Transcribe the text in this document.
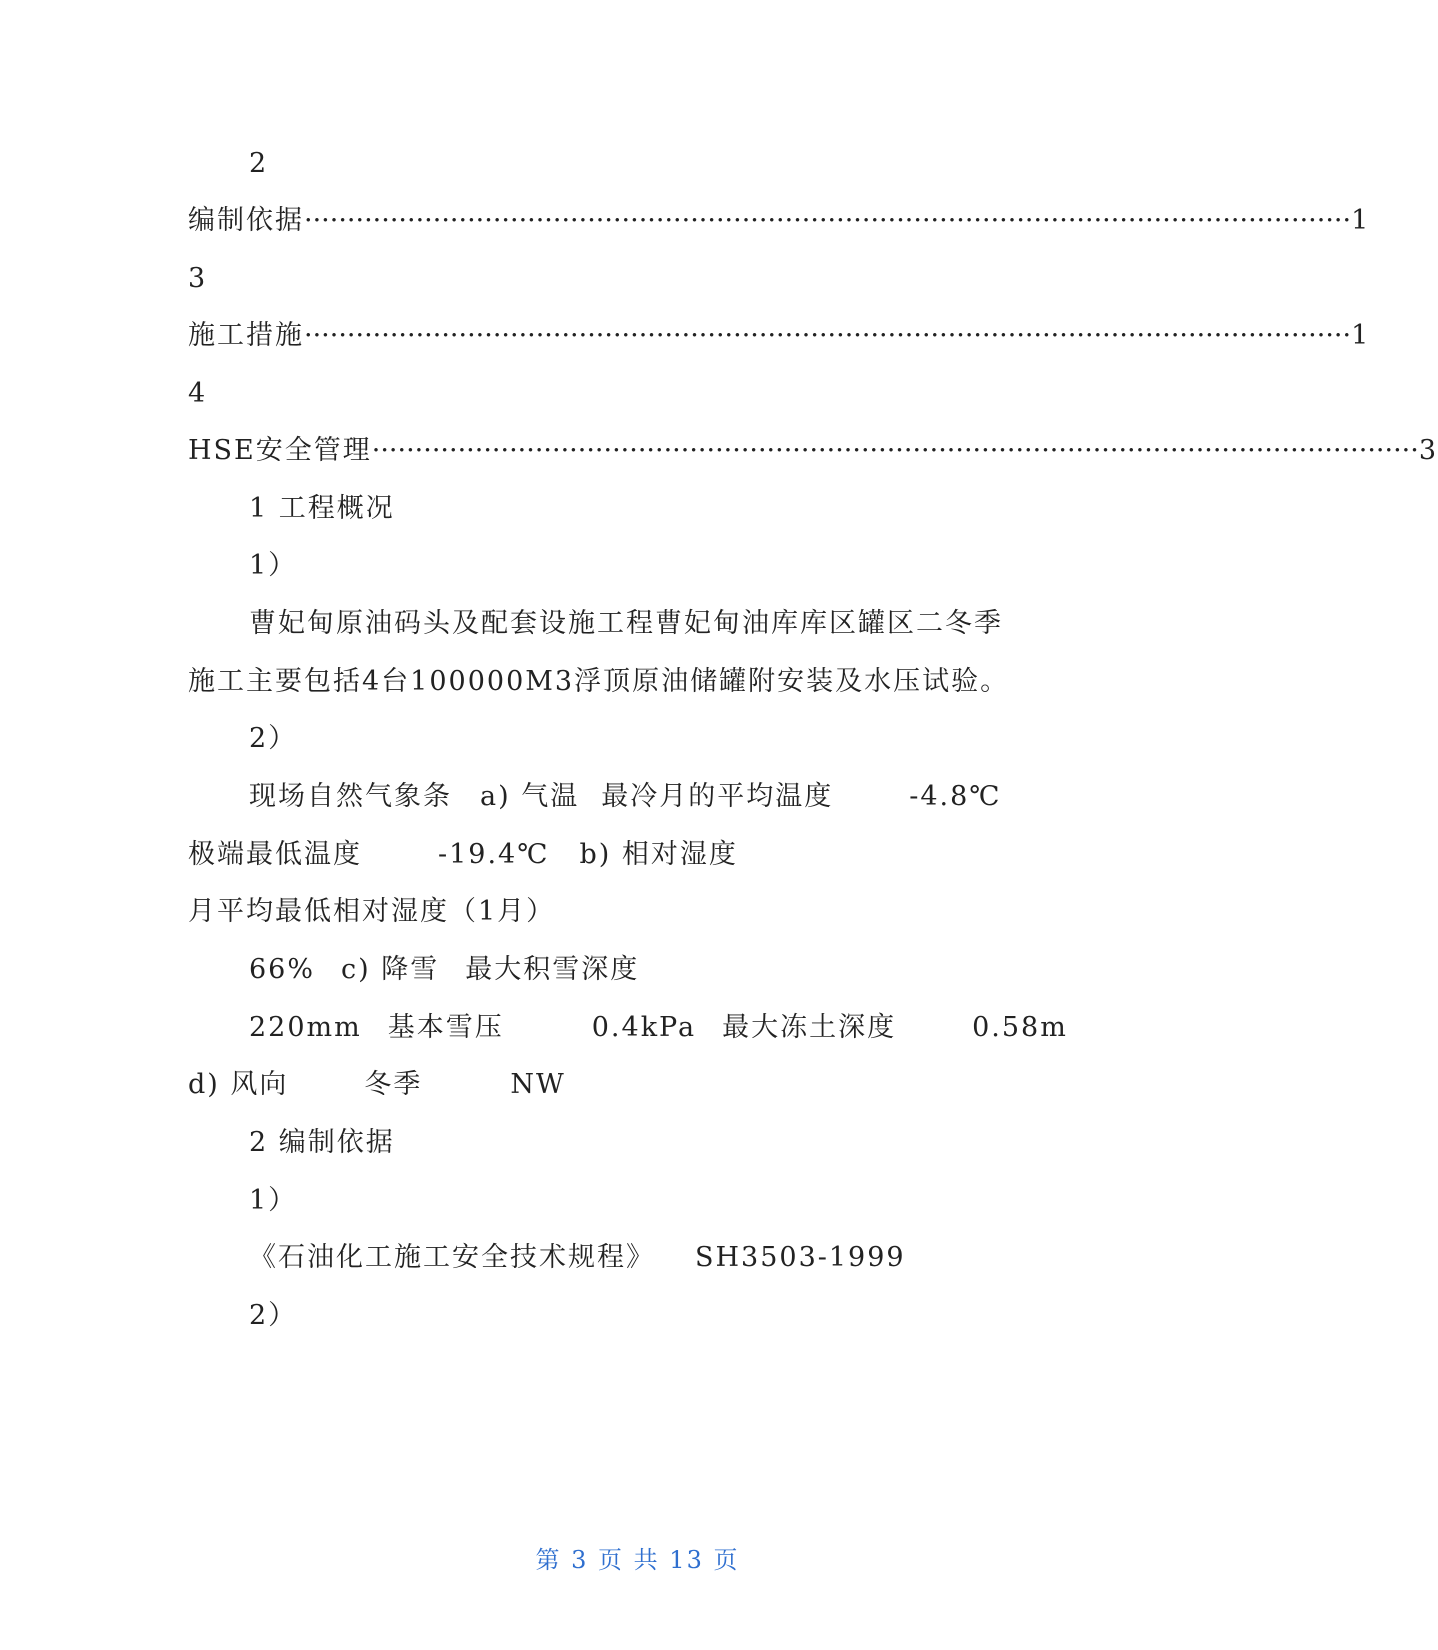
2
编制依据 ·························································································································· 1
3
施工措施 ·························································································································· 1
4
HSE安全管理 ·························································································································· 3
1 工程概况
1）
曹妃甸原油码头及配套设施工程曹妃甸油库库区罐区二冬季
施工主要包括4台100000M3浮顶原油储罐附安装及水压试验。
2）
现场自然气象条 a) 气温 最冷月的平均温度	-4.8℃
极端最低温度	-19.4℃ b) 相对湿度
月平均最低相对湿度（1月）
66% c) 降雪 最大积雪深度
220mm 基本雪压	0.4kPa 最大冻土深度	0.58m
d) 风向	冬季	NW
2 编制依据
1）
《石油化工施工安全技术规程》 SH3503-1999
2）
第 3 页 共 13 页
